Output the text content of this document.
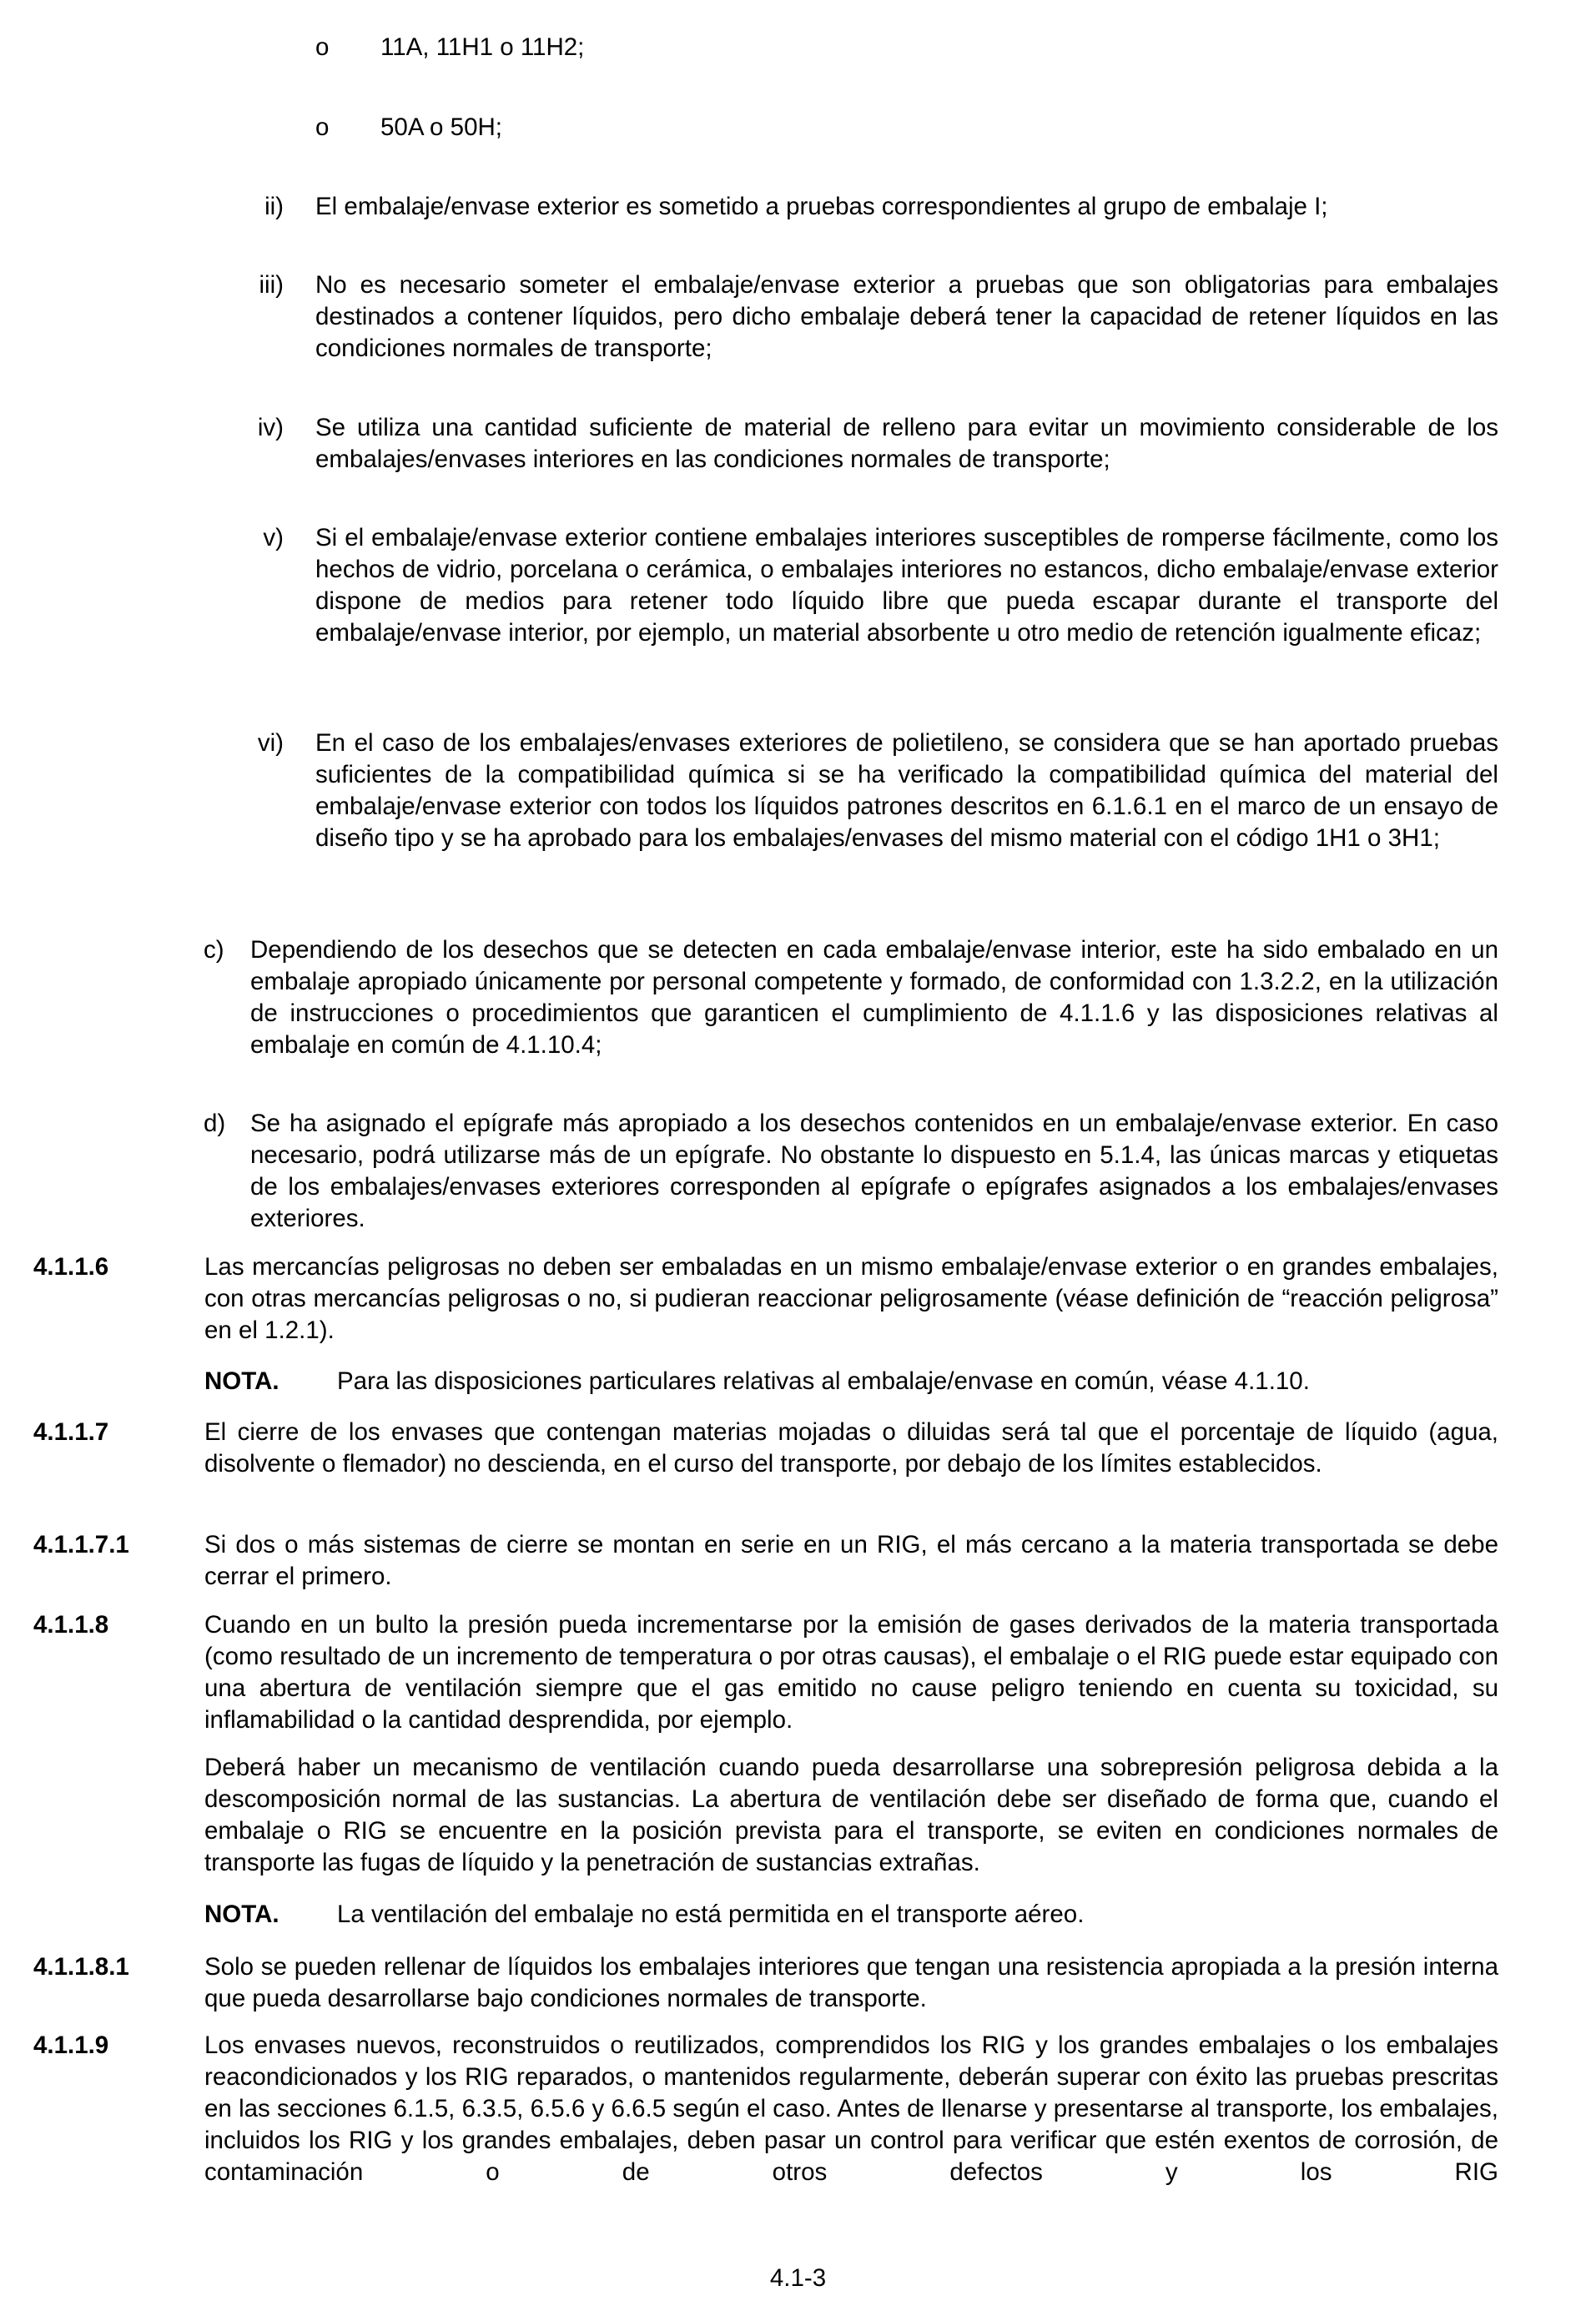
o 11A, 11H1 o 11H2;
o 50A o 50H;
ii) El embalaje/envase exterior es sometido a pruebas correspondientes al grupo de embalaje I;
iii) No es necesario someter el embalaje/envase exterior a pruebas que son obligatorias para embalajes destinados a contener líquidos, pero dicho embalaje deberá tener la capacidad de retener líquidos en las condiciones normales de transporte;
iv) Se utiliza una cantidad suficiente de material de relleno para evitar un movimiento considerable de los embalajes/envases interiores en las condiciones normales de transporte;
v) Si el embalaje/envase exterior contiene embalajes interiores susceptibles de romperse fácilmente, como los hechos de vidrio, porcelana o cerámica, o embalajes interiores no estancos, dicho embalaje/envase exterior dispone de medios para retener todo líquido libre que pueda escapar durante el transporte del embalaje/envase interior, por ejemplo, un material absorbente u otro medio de retención igualmente eficaz;
vi) En el caso de los embalajes/envases exteriores de polietileno, se considera que se han aportado pruebas suficientes de la compatibilidad química si se ha verificado la compatibilidad química del material del embalaje/envase exterior con todos los líquidos patrones descritos en 6.1.6.1 en el marco de un ensayo de diseño tipo y se ha aprobado para los embalajes/envases del mismo material con el código 1H1 o 3H1;
c) Dependiendo de los desechos que se detecten en cada embalaje/envase interior, este ha sido embalado en un embalaje apropiado únicamente por personal competente y formado, de conformidad con 1.3.2.2, en la utilización de instrucciones o procedimientos que garanticen el cumplimiento de 4.1.1.6 y las disposiciones relativas al embalaje en común de 4.1.10.4;
d) Se ha asignado el epígrafe más apropiado a los desechos contenidos en un embalaje/envase exterior. En caso necesario, podrá utilizarse más de un epígrafe. No obstante lo dispuesto en 5.1.4, las únicas marcas y etiquetas de los embalajes/envases exteriores corresponden al epígrafe o epígrafes asignados a los embalajes/envases exteriores.
4.1.1.6	Las mercancías peligrosas no deben ser embaladas en un mismo embalaje/envase exterior o en grandes embalajes, con otras mercancías peligrosas o no, si pudieran reaccionar peligrosamente (véase definición de “reacción peligrosa” en el 1.2.1).
NOTA. Para las disposiciones particulares relativas al embalaje/envase en común, véase 4.1.10.
4.1.1.7	El cierre de los envases que contengan materias mojadas o diluidas será tal que el porcentaje de líquido (agua, disolvente o flemador) no descienda, en el curso del transporte, por debajo de los límites establecidos.
4.1.1.7.1	Si dos o más sistemas de cierre se montan en serie en un RIG, el más cercano a la materia transportada se debe cerrar el primero.
4.1.1.8	Cuando en un bulto la presión pueda incrementarse por la emisión de gases derivados de la materia transportada (como resultado de un incremento de temperatura o por otras causas), el embalaje o el RIG puede estar equipado con una abertura de ventilación siempre que el gas emitido no cause peligro teniendo en cuenta su toxicidad, su inflamabilidad o la cantidad desprendida, por ejemplo.
Deberá haber un mecanismo de ventilación cuando pueda desarrollarse una sobrepresión peligrosa debida a la descomposición normal de las sustancias. La abertura de ventilación debe ser diseñado de forma que, cuando el embalaje o RIG se encuentre en la posición prevista para el transporte, se eviten en condiciones normales de transporte las fugas de líquido y la penetración de sustancias extrañas.
NOTA. La ventilación del embalaje no está permitida en el transporte aéreo.
4.1.1.8.1	Solo se pueden rellenar de líquidos los embalajes interiores que tengan una resistencia apropiada a la presión interna que pueda desarrollarse bajo condiciones normales de transporte.
4.1.1.9	Los envases nuevos, reconstruidos o reutilizados, comprendidos los RIG y los grandes embalajes o los embalajes reacondicionados y los RIG reparados, o mantenidos regularmente, deberán superar con éxito las pruebas prescritas en las secciones 6.1.5, 6.3.5, 6.5.6 y 6.6.5 según el caso. Antes de llenarse y presentarse al transporte, los embalajes, incluidos los RIG y los grandes embalajes, deben pasar un control para verificar que estén exentos de corrosión, de contaminación o de otros defectos y los RIG
4.1-3
